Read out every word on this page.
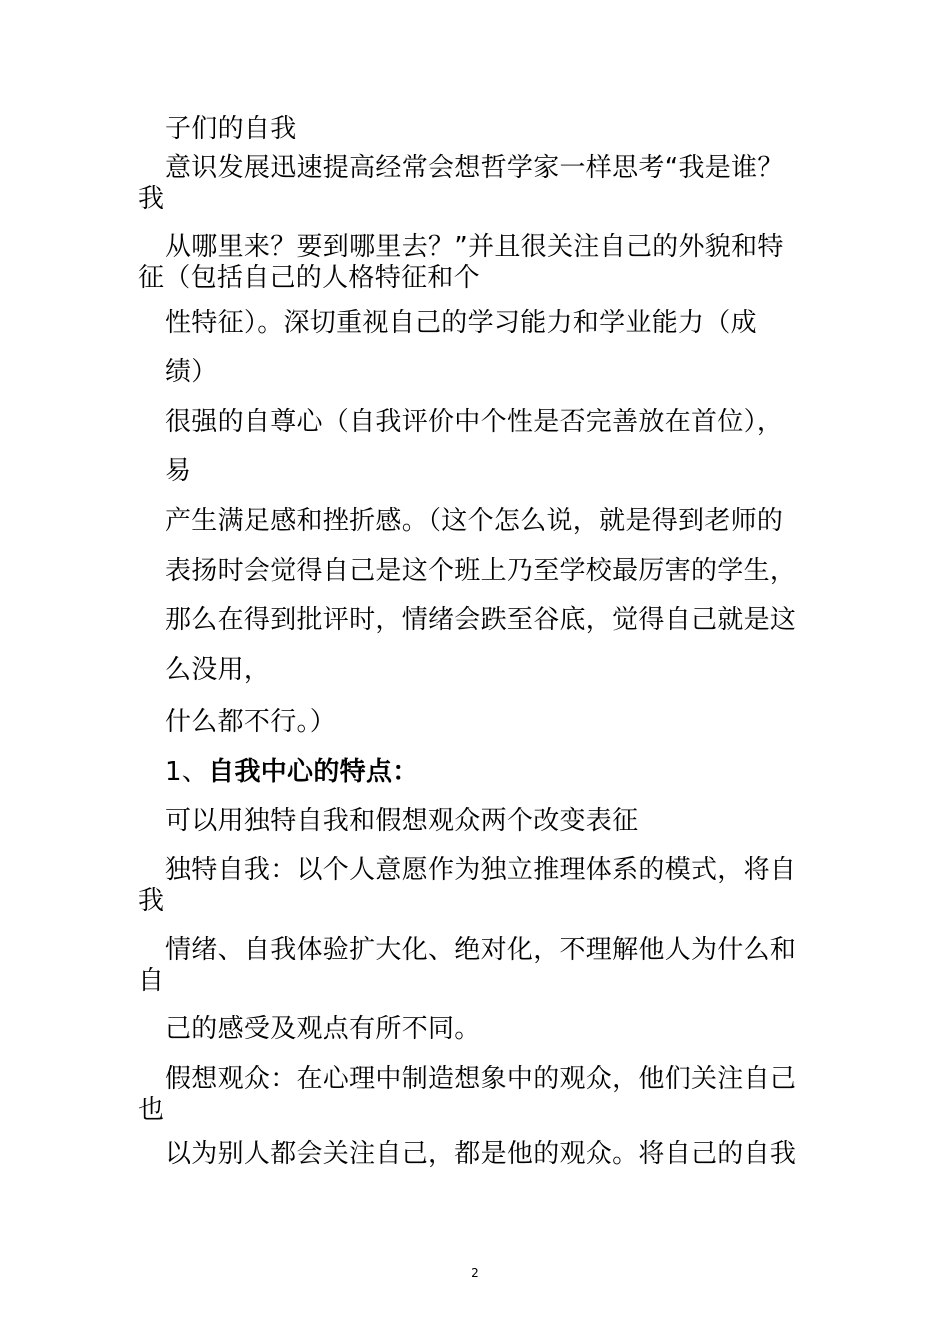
子们的自我
意识发展迅速提高经常会想哲学家一样思考“我是谁？
我
从哪里来？要到哪里去？”并且很关注自己的外貌和特
征（包括自己的人格特征和个
性特征）。深切重视自己的学习能力和学业能力（成
绩）
很强的自尊心（自我评价中个性是否完善放在首位），
易
产生满足感和挫折感。（这个怎么说，就是得到老师的
表扬时会觉得自己是这个班上乃至学校最厉害的学生，
那么在得到批评时，情绪会跌至谷底，觉得自己就是这
么没用，
什么都不行。）
1、自我中心的特点：
可以用独特自我和假想观众两个改变表征
独特自我：以个人意愿作为独立推理体系的模式，将自
我
情绪、自我体验扩大化、绝对化，不理解他人为什么和
自
己的感受及观点有所不同。
假想观众：在心理中制造想象中的观众，他们关注自己
也
以为别人都会关注自己，都是他的观众。将自己的自我
2
